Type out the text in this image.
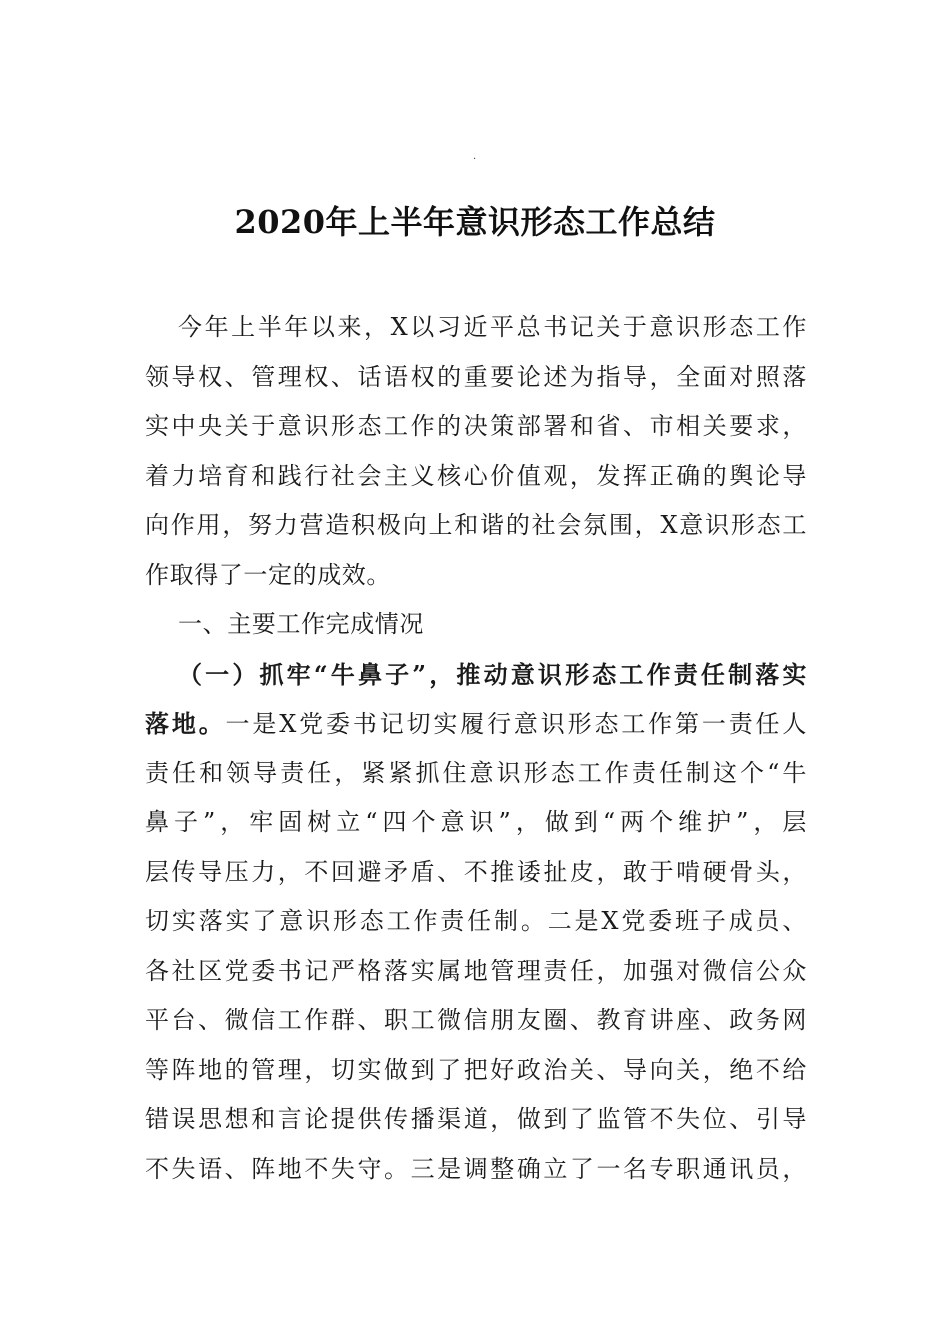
.
2020年上半年意识形态工作总结
今年上半年以来，X以习近平总书记关于意识形态工作
领导权、管理权、话语权的重要论述为指导，全面对照落
实中央关于意识形态工作的决策部署和省、市相关要求，
着力培育和践行社会主义核心价值观，发挥正确的舆论导
向作用，努力营造积极向上和谐的社会氛围，X意识形态工
作取得了一定的成效。
一、主要工作完成情况
（一）抓牢“牛鼻子”，推动意识形态工作责任制落实
落地。一是X党委书记切实履行意识形态工作第一责任人
责任和领导责任，紧紧抓住意识形态工作责任制这个“牛
鼻子”，牢固树立“四个意识”，做到“两个维护”，层
层传导压力，不回避矛盾、不推诿扯皮，敢于啃硬骨头，
切实落实了意识形态工作责任制。二是X党委班子成员、
各社区党委书记严格落实属地管理责任，加强对微信公众
平台、微信工作群、职工微信朋友圈、教育讲座、政务网
等阵地的管理，切实做到了把好政治关、导向关，绝不给
错误思想和言论提供传播渠道，做到了监管不失位、引导
不失语、阵地不失守。三是调整确立了一名专职通讯员，
